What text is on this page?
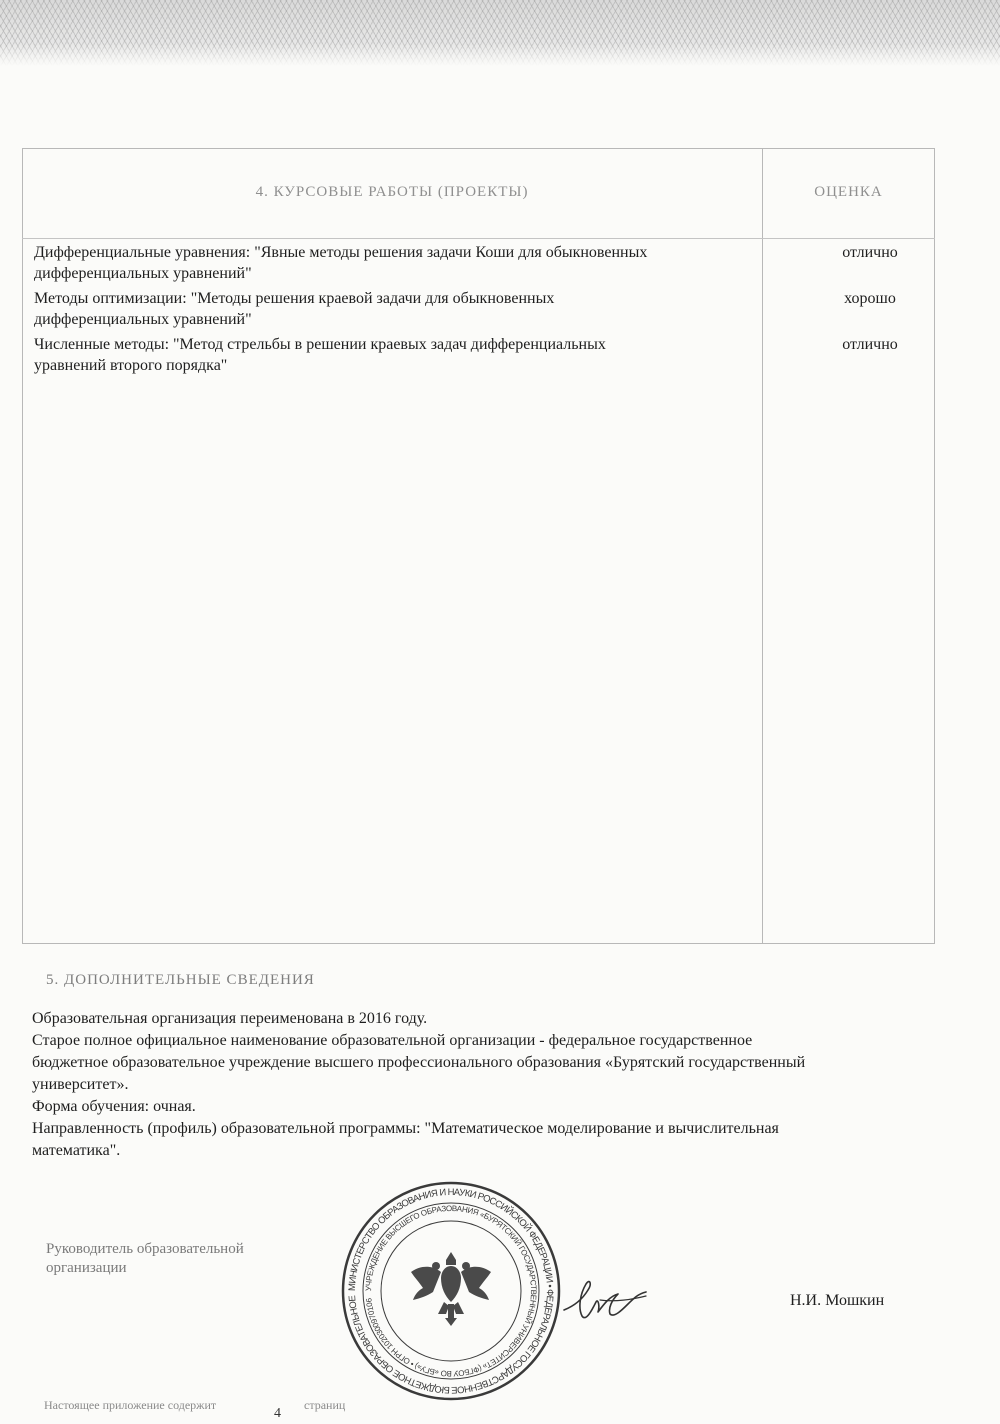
4. КУРСОВЫЕ РАБОТЫ (ПРОЕКТЫ)	ОЦЕНКА
Дифференциальные уравнения: "Явные методы решения задачи Коши для обыкновенных
дифференциальных уравнений"
отлично
Методы оптимизации: "Методы решения краевой задачи для обыкновенных
дифференциальных уравнений"
хорошо
Численные методы: "Метод стрельбы в решении краевых задач дифференциальных
уравнений второго порядка"
отлично
5. ДОПОЛНИТЕЛЬНЫЕ СВЕДЕНИЯ

Образовательная организация переименована в 2016 году.

Старое полное официальное наименование образовательной организации - федеральное государственное

бюджетное образовательное учреждение высшего профессионального образования «Бурятский государственный

университет».

Форма обучения: очная.

Направленность (профиль) образовательной программы: "Математическое моделирование и вычислительная

математика".

Руководитель образовательной
организации
МИНИСТЕРСТВО ОБРАЗОВАНИЯ И НАУКИ РОССИЙСКОЙ ФЕДЕРАЦИИ • ФЕДЕРАЛЬНОЕ ГОСУДАРСТВЕННОЕ БЮДЖЕТНОЕ ОБРАЗОВАТЕЛЬНОЕ
УЧРЕЖДЕНИЕ ВЫСШЕГО ОБРАЗОВАНИЯ «БУРЯТСКИЙ ГОСУДАРСТВЕННЫЙ УНИВЕРСИТЕТ» (ФГБОУ ВО «БГУ») • ОГРН 1020300970106	Н.И. Мошкин
Настоящее приложение содержит
4
страниц
